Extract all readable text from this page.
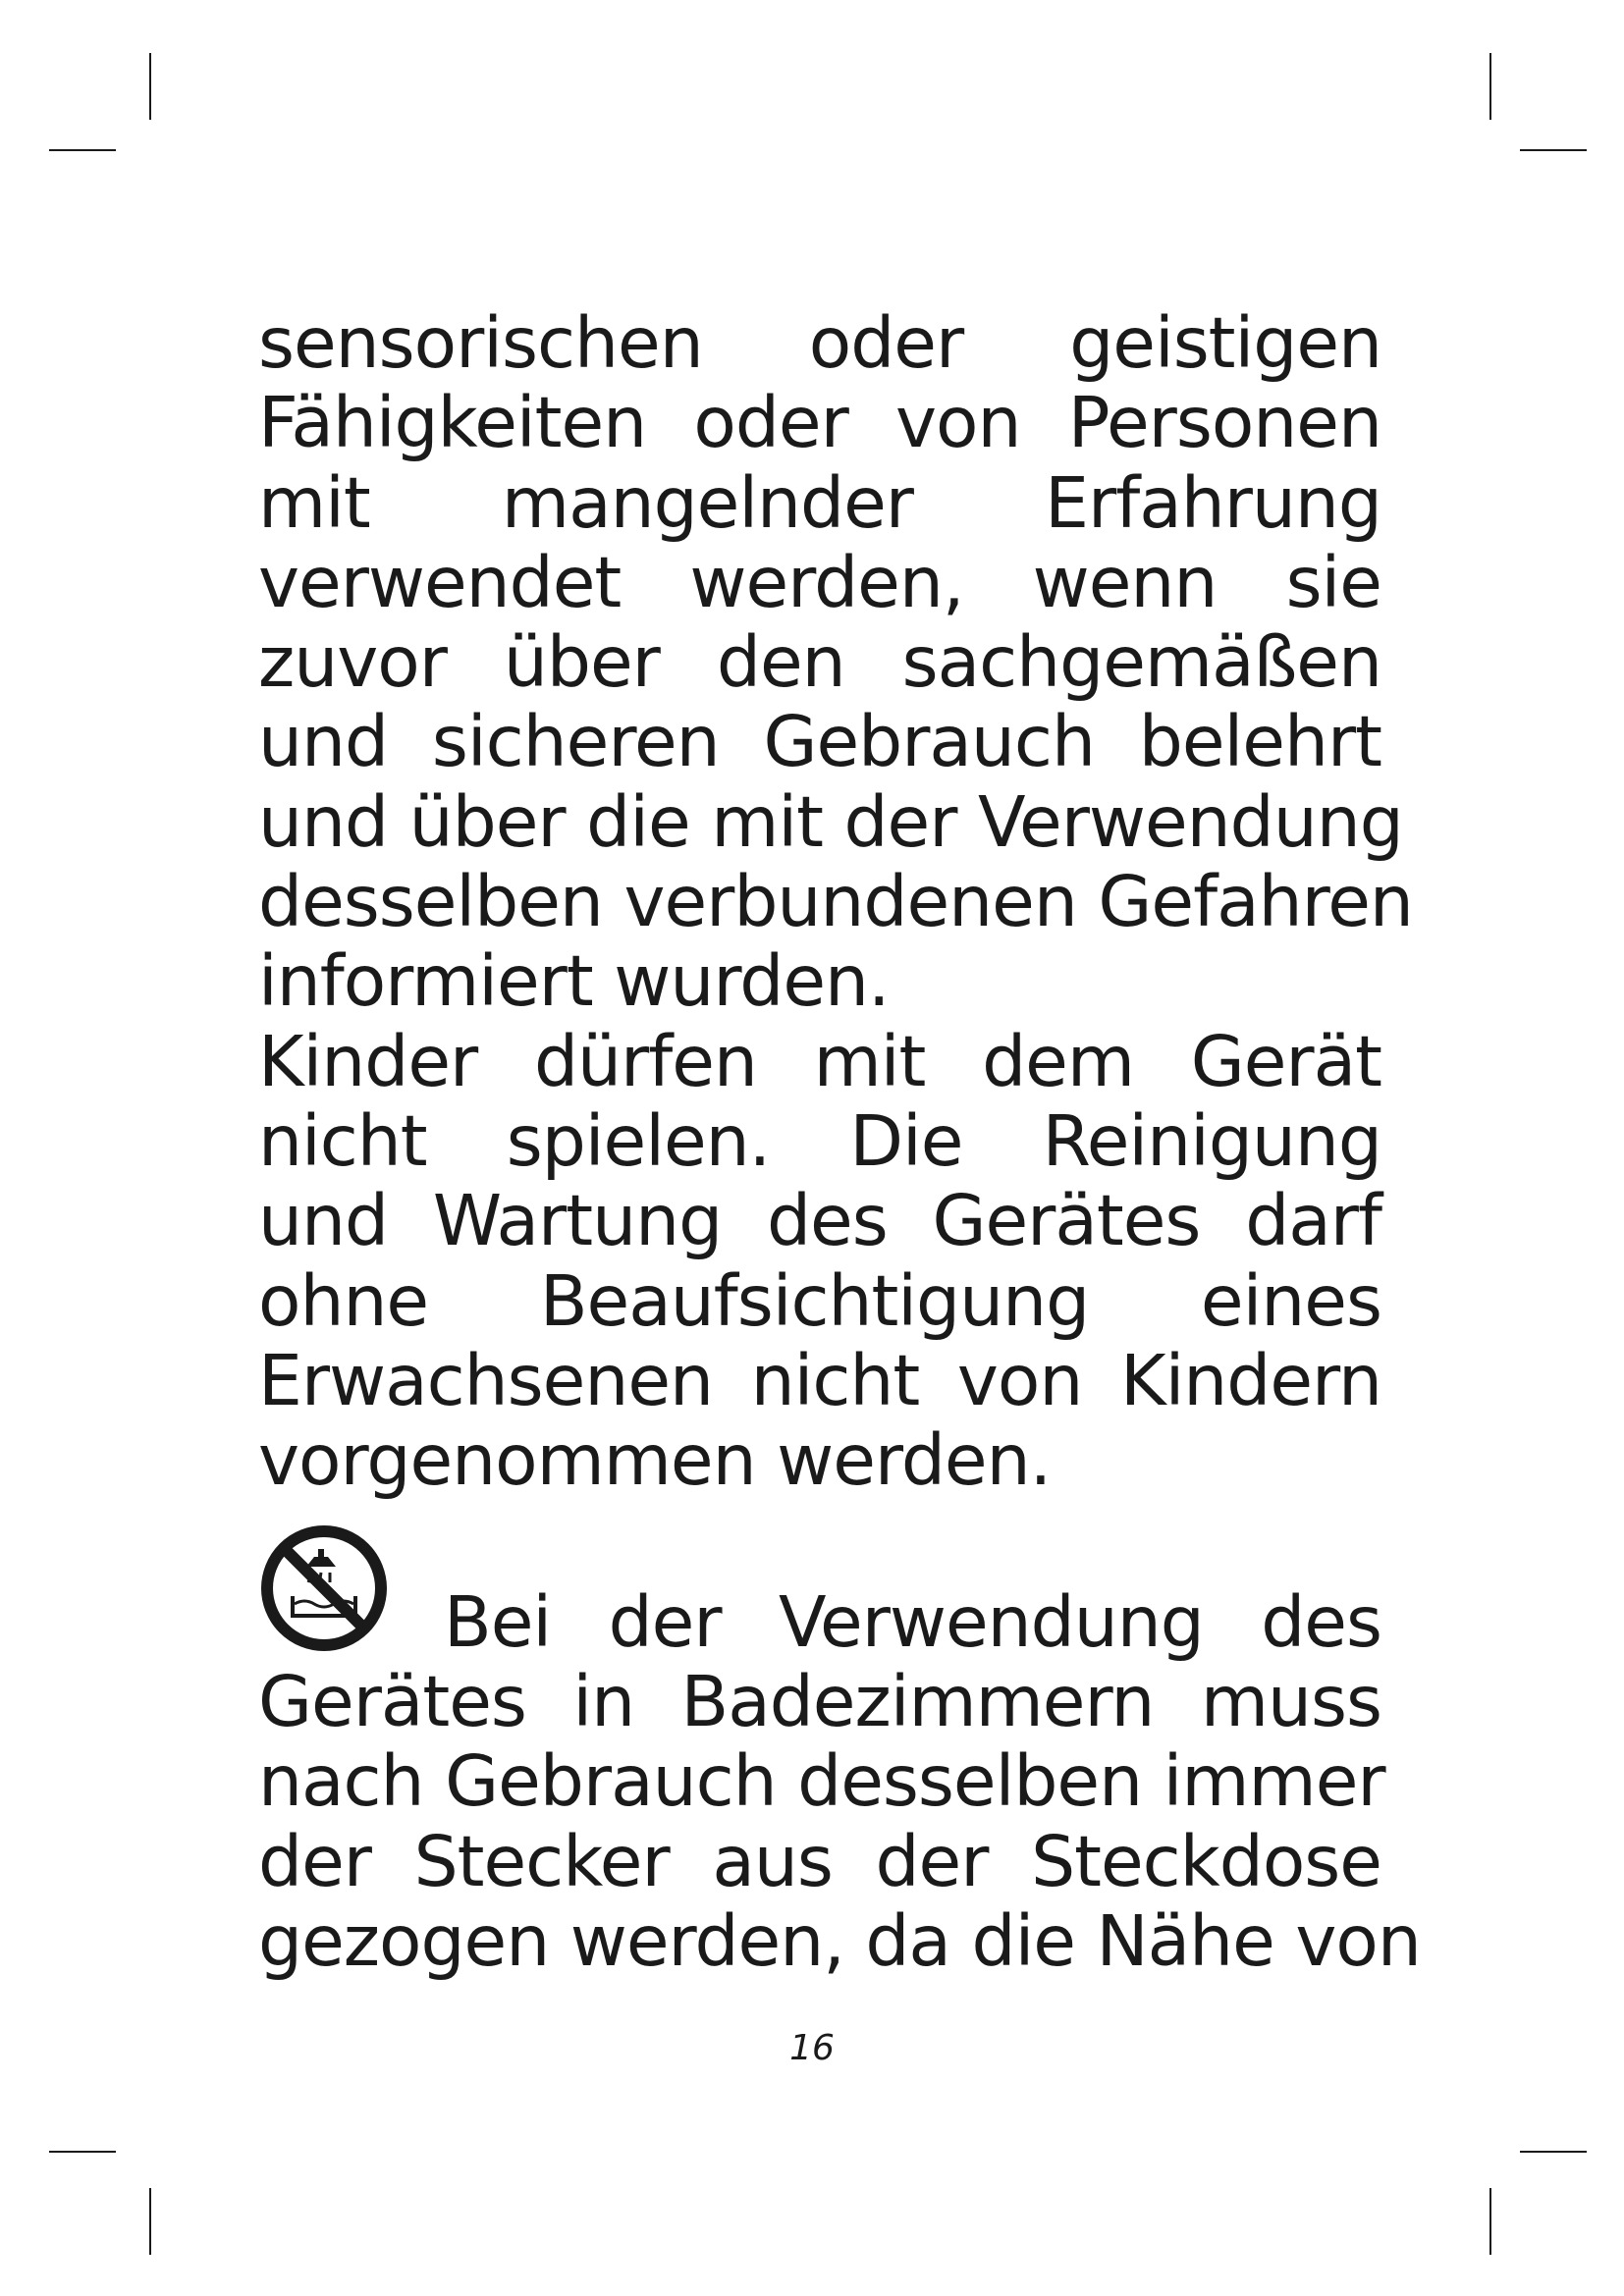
sensorischen oder geistigen
Fähigkeiten oder von Personen
mit mangelnder Erfahrung
verwendet werden, wenn sie
zuvor über den sachgemäßen
und sicheren Gebrauch belehrt
und über die mit der Verwendung
desselben verbundenen Gefahren
informiert wurden.
Kinder dürfen mit dem Gerät
nicht spielen. Die Reinigung
und Wartung des Gerätes darf
ohne Beaufsichtigung eines
Erwachsenen nicht von Kindern
vorgenommen werden.
Bei der Verwendung des
Gerätes in Badezimmern muss
nach Gebrauch desselben immer
der Stecker aus der Steckdose
gezogen werden, da die Nähe von
16
